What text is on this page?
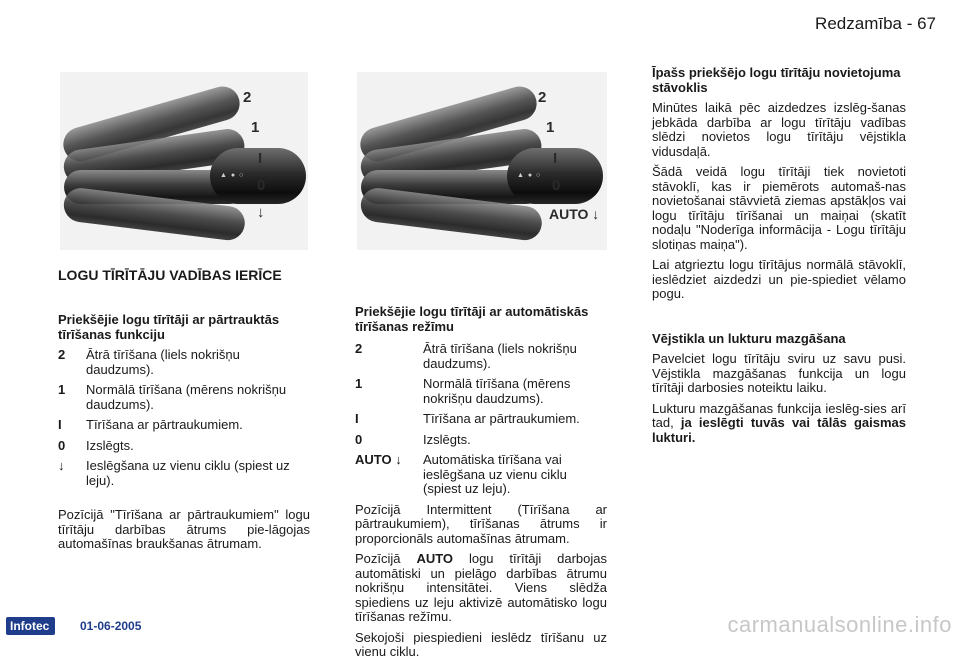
Redzamība - 67
▲ ● ○
2
1
I
0
↓
▲ ● ○
2
1
I
0
AUTO ↓
LOGU TĪRĪTĀJU VADĪBAS IERĪCE
Priekšējie logu tīrītāji ar pārtrauktās tīrīšanas funkciju
2	Ātrā tīrīšana (liels nokrišņu daudzums).
1	Normālā tīrīšana (mērens nokrišņu daudzums).
I	Tīrīšana ar pārtraukumiem.
0	Izslēgts.
↓	Ieslēgšana uz vienu ciklu (spiest uz leju).

Pozīcijā "Tīrīšana ar pārtraukumiem" logu tīrītāju darbības ātrums pie-lāgojas automašīnas braukšanas ātrumam.

Priekšējie logu tīrītāji ar automātiskās tīrīšanas režīmu
2	Ātrā tīrīšana (liels nokrišņu daudzums).
1	Normālā tīrīšana (mērens nokrišņu daudzums).
I	Tīrīšana ar pārtraukumiem.
0	Izslēgts.
AUTO ↓	Automātiska tīrīšana vai ieslēgšana uz vienu ciklu (spiest uz leju).

Pozīcijā Intermittent (Tīrīšana ar pārtraukumiem), tīrīšanas ātrums ir proporcionāls automašīnas ātrumam.

Pozīcijā AUTO logu tīrītāji darbojas automātiski un pielāgo darbības ātrumu nokrišņu intensitātei. Viens slēdža spiediens uz leju aktivizē automātisko logu tīrīšanas režīmu.

Sekojoši piespiedieni ieslēdz tīrīšanu uz vienu ciklu.

Īpašs priekšējo logu tīrītāju novietojuma stāvoklis

Minūtes laikā pēc aizdedzes izslēg-šanas jebkāda darbība ar logu tīrītāju vadības slēdzi novietos logu tīrītāju vējstikla vidusdaļā.

Šādā veidā logu tīrītāji tiek novietoti stāvoklī, kas ir piemērots automaš-nas novietošanai stāvvietā ziemas apstākļos vai logu tīrītāju tīrīšanai un maiņai (skatīt nodaļu "Noderīga informācija - Logu tīrītāju slotiņas maiņa").

Lai atgrieztu logu tīrītājus normālā stāvoklī, ieslēdziet aizdedzi un pie-spiediet vēlamo pogu.

Vējstikla un lukturu mazgāšana

Pavelciet logu tīrītāju sviru uz savu pusi. Vējstikla mazgāšanas funkcija un logu tīrītāji darbosies noteiktu laiku.

Lukturu mazgāšanas funkcija ieslēg-sies arī tad, ja ieslēgti tuvās vai tālās gaismas lukturi.

Infotec	01-06-2005	carmanualsonline.info
